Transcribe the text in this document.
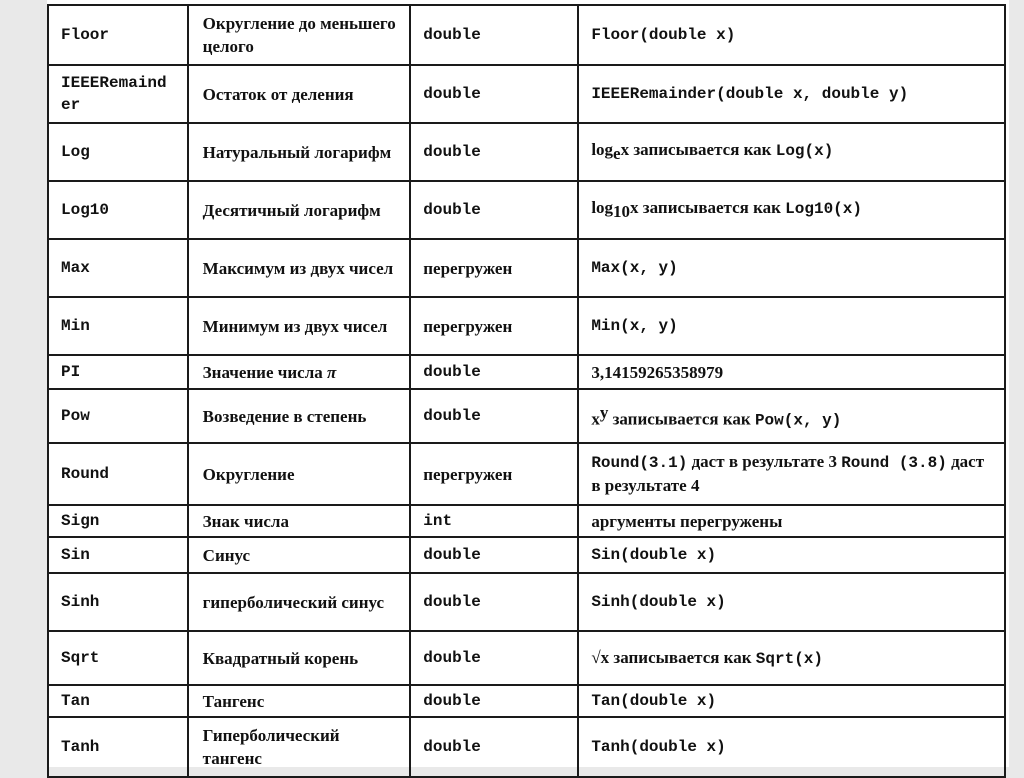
Floor	Округление до меньшего целого	double	Floor(double x)
IEEERemainder	Остаток от деления	double	IEEERemainder(double x, double y)
Log	Натуральный логарифм	double	$\log_ex$ записывается как Log(x)
Log10	Десятичный логарифм	double	$\log_{10}x$ записывается как Log10(x)
Max	Максимум из двух чисел	перегружен	Max(x, y)
Min	Минимум из двух чисел	перегружен	Min(x, y)
PI	Значение числа π	double	3,14159265358979
Pow	Возведение в степень	double	$x^y$ записывается как Pow(x, y)
Round	Округление	перегружен	Round(3.1) даст в результате 3 Round (3.8) даст в результате 4
Sign	Знак числа	int	аргументы перегружены
Sin	Синус	double	Sin(double x)
Sinh	гиперболический синус	double	Sinh(double x)
Sqrt	Квадратный корень	double	√x записывается как Sqrt(x)
Tan	Тангенс	double	Tan(double x)
Tanh	Гиперболический тангенс	double	Tanh(double x)
